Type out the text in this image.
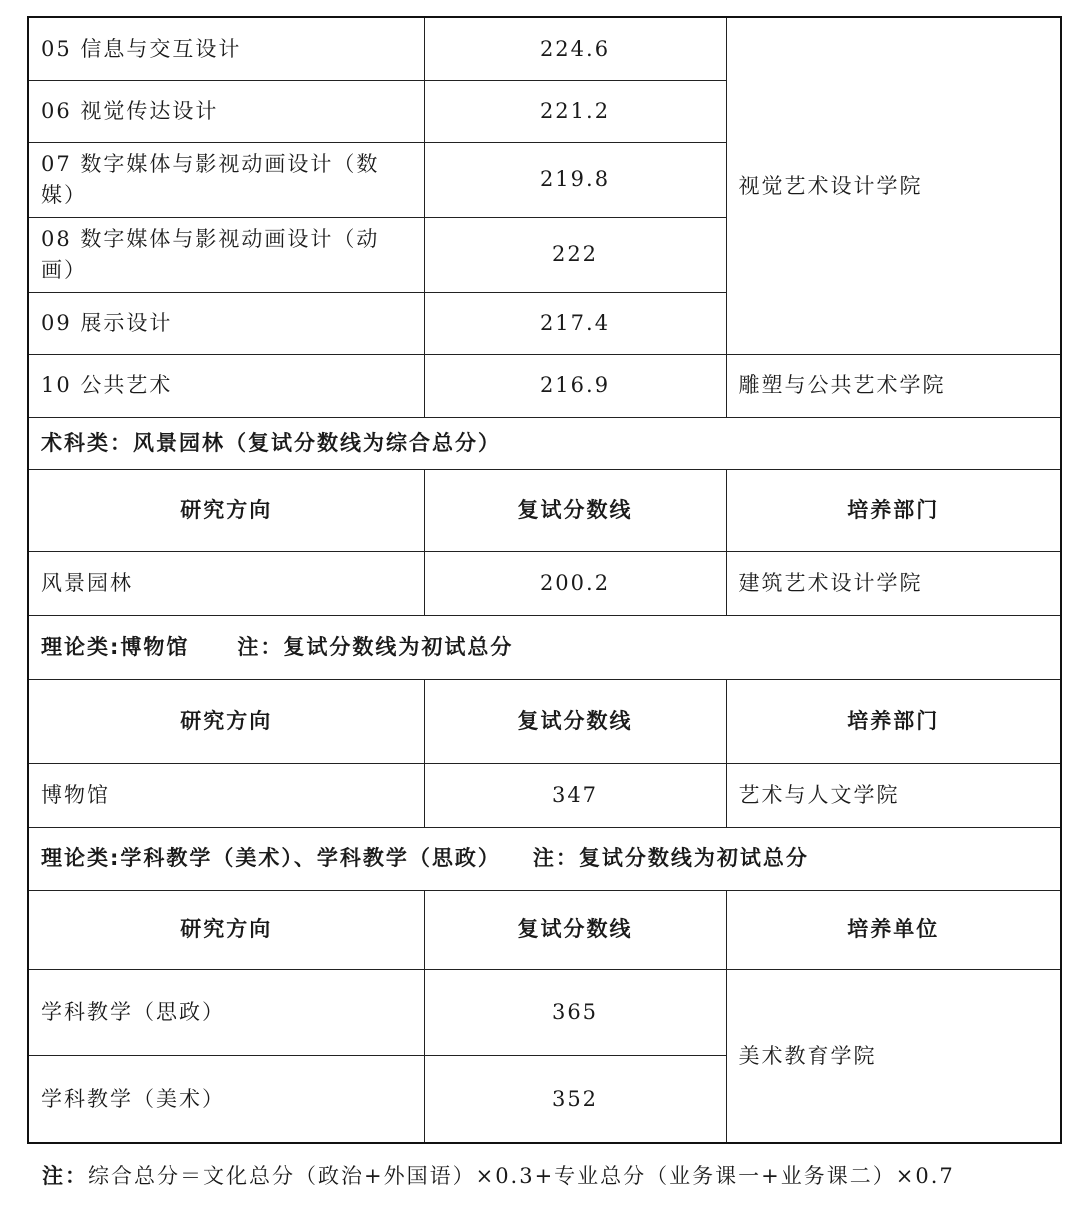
05 信息与交互设计	224.6	视觉艺术设计学院
06 视觉传达设计	221.2	
07 数字媒体与影视动画设计（数媒）	219.8	
08 数字媒体与影视动画设计（动画）	222	
09 展示设计	217.4	
10 公共艺术	216.9	雕塑与公共艺术学院
术科类：风景园林（复试分数线为综合总分）		
研究方向	复试分数线	培养部门
风景园林	200.2	建筑艺术设计学院
理论类:博物馆 注：复试分数线为初试总分		
研究方向	复试分数线	培养部门
博物馆	347	艺术与人文学院
理论类:学科教学（美术）、学科教学（思政） 注：复试分数线为初试总分		
研究方向	复试分数线	培养单位
学科教学（思政）	365	美术教育学院
学科教学（美术）	352	
注：综合总分＝文化总分（政治+外国语）×0.3+专业总分（业务课一+业务课二）×0.7
